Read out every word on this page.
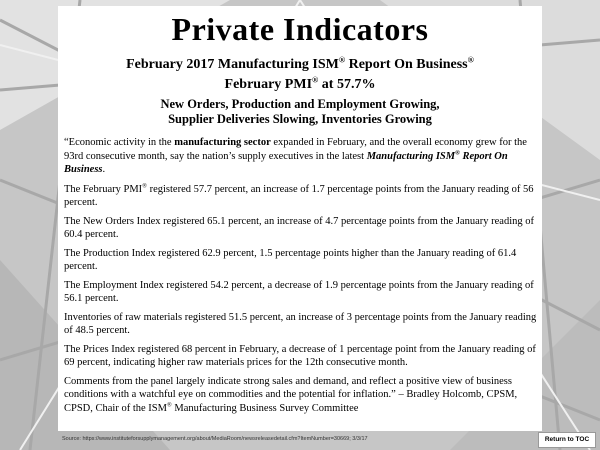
Private Indicators
February 2017 Manufacturing ISM® Report On Business®
February PMI® at 57.7%
New Orders, Production and Employment Growing,
Supplier Deliveries Slowing, Inventories Growing

“Economic activity in the manufacturing sector expanded in February, and the overall economy grew for the 93rd consecutive month, say the nation’s supply executives in the latest Manufacturing ISM® Report On Business.

The February PMI® registered 57.7 percent, an increase of 1.7 percentage points from the January reading of 56 percent.

The New Orders Index registered 65.1 percent, an increase of 4.7 percentage points from the January reading of 60.4 percent.

The Production Index registered 62.9 percent, 1.5 percentage points higher than the January reading of 61.4 percent.

The Employment Index registered 54.2 percent, a decrease of 1.9 percentage points from the January reading of 56.1 percent.

Inventories of raw materials registered 51.5 percent, an increase of 3 percentage points from the January reading of 48.5 percent.

The Prices Index registered 68 percent in February, a decrease of 1 percentage point from the January reading of 69 percent, indicating higher raw materials prices for the 12th consecutive month.

Comments from the panel largely indicate strong sales and demand, and reflect a positive view of business conditions with a watchful eye on commodities and the potential for inflation.” – Bradley Holcomb, CPSM, CPSD, Chair of the ISM® Manufacturing Business Survey Committee

Source: https://www.instituteforsupplymanagement.org/about/MediaRoom/newsreleasedetail.cfm?ItemNumber=30669; 3/3/17	Return to TOC
